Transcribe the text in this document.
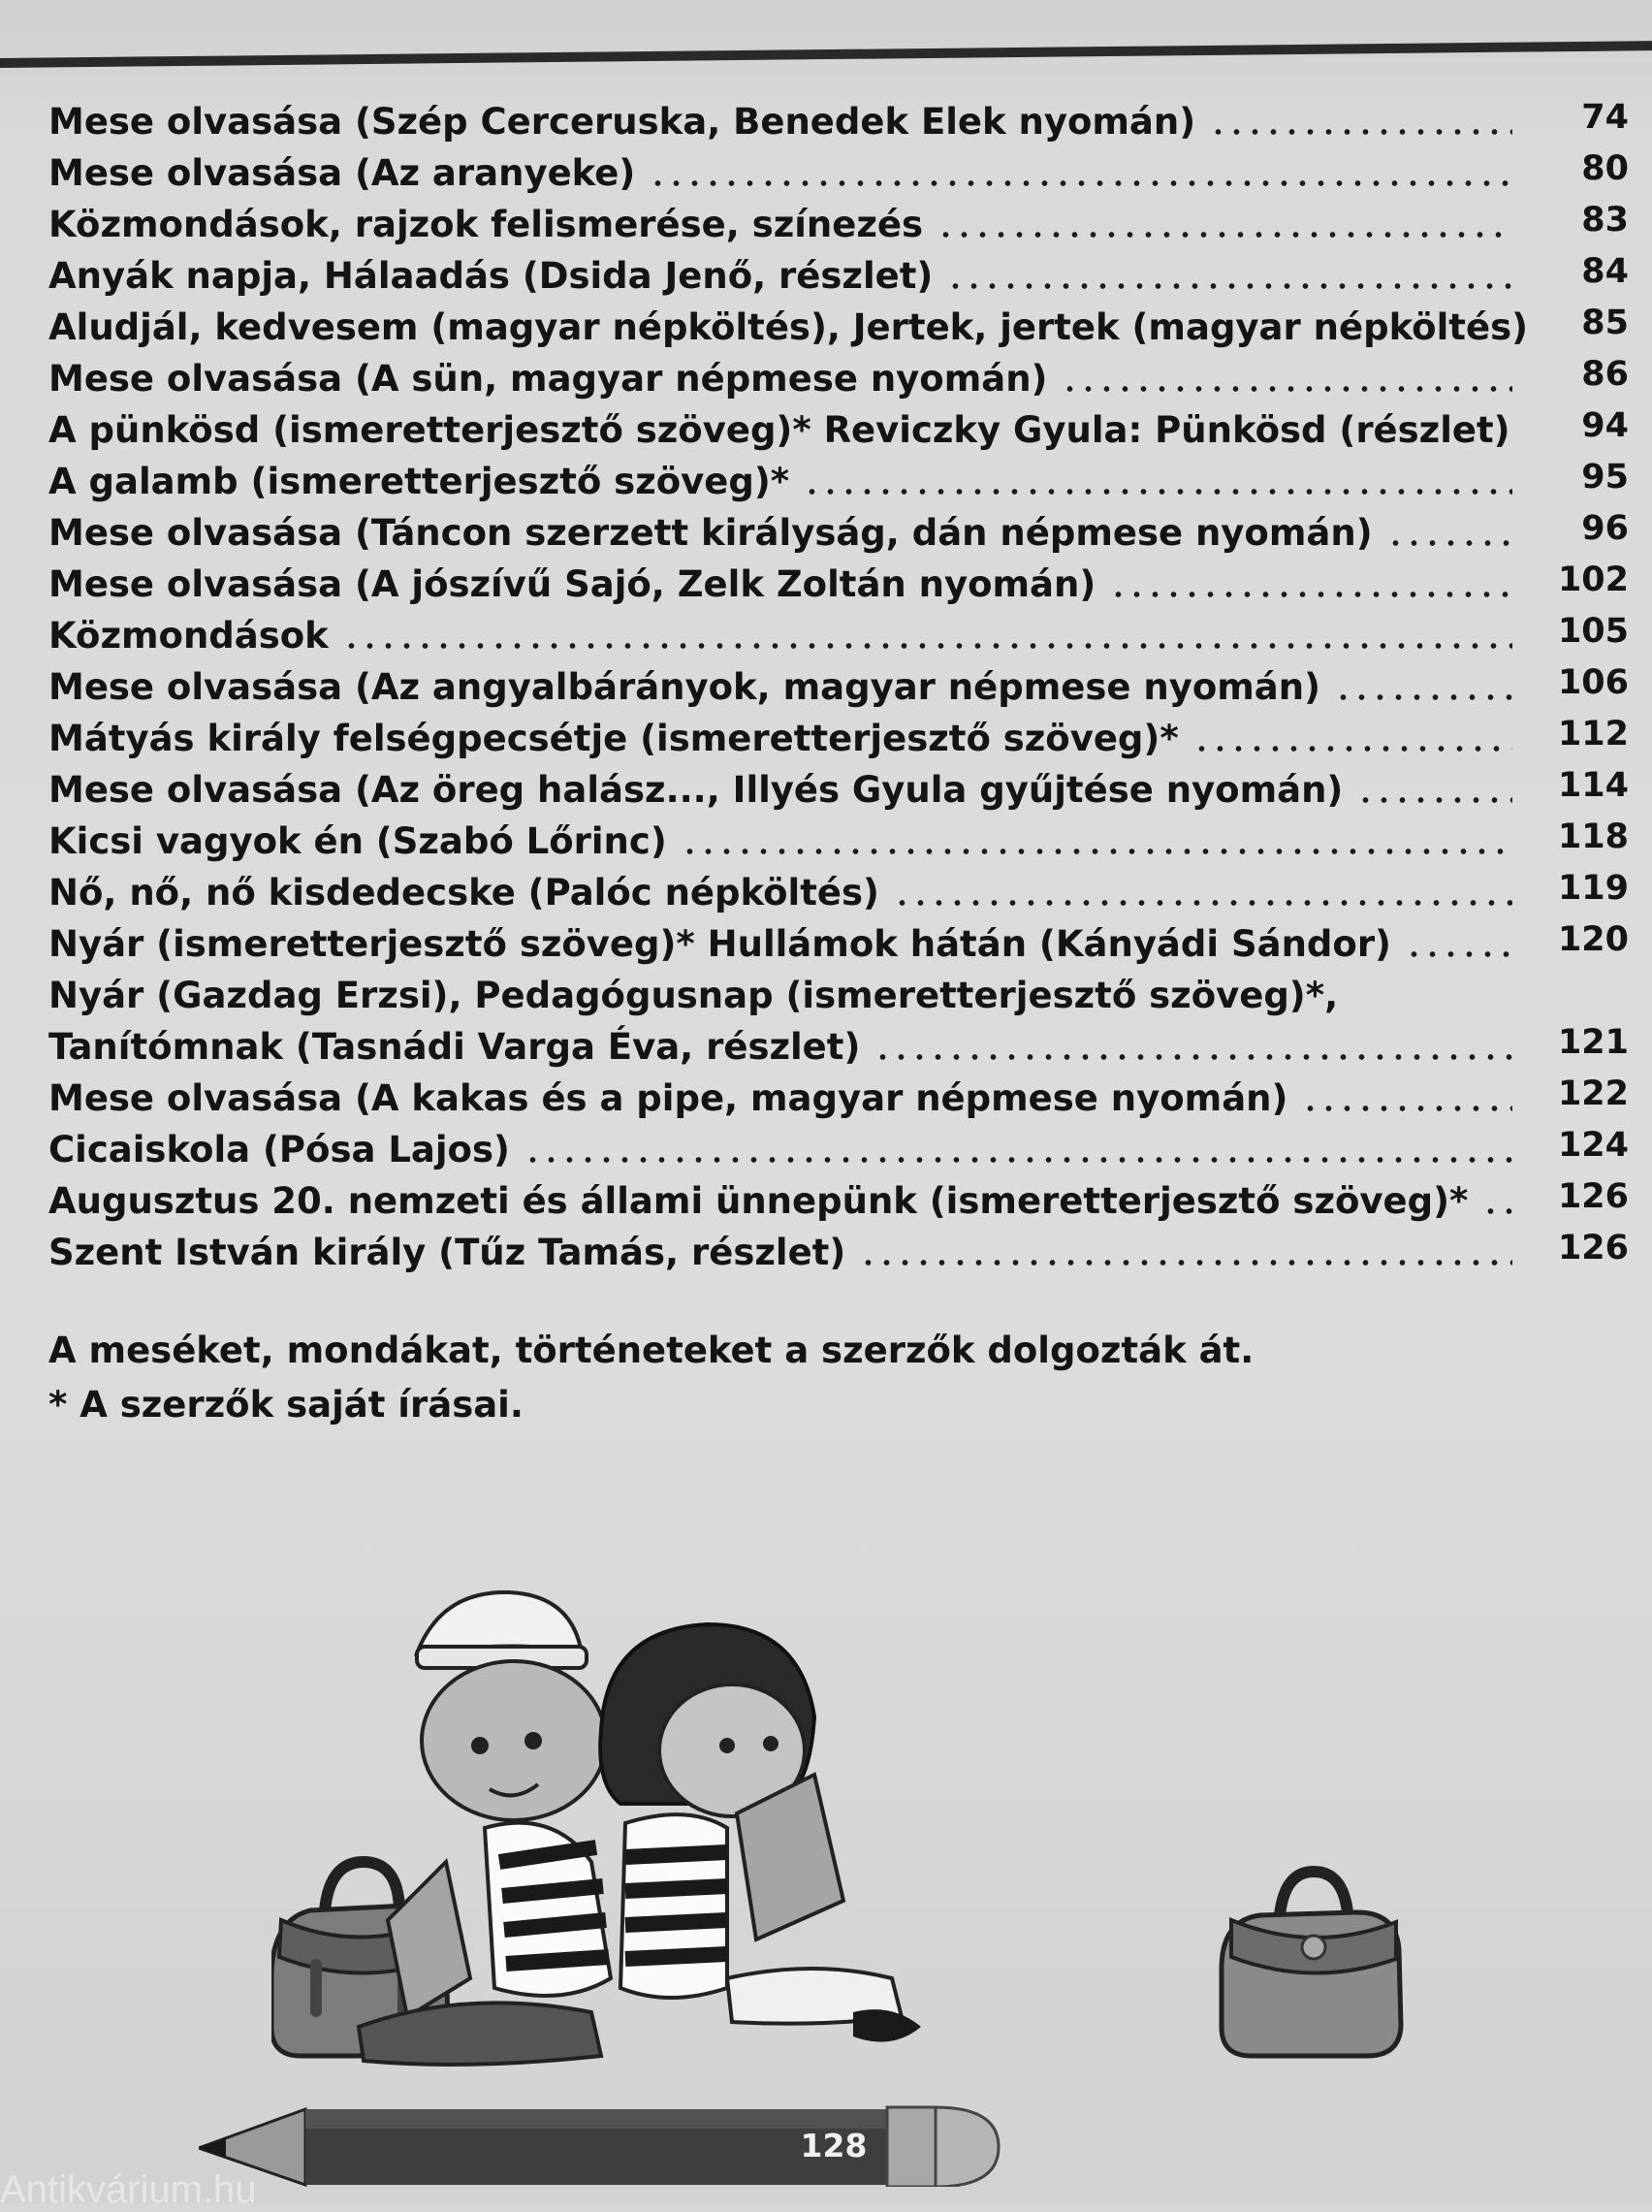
Mese olvasása (Szép Cerceruska, Benedek Elek nyomán)	74
Mese olvasása (Az aranyeke)	80
Közmondások, rajzok felismerése, színezés	83
Anyák napja, Hálaadás (Dsida Jenő, részlet)	84
Aludjál, kedvesem (magyar népköltés), Jertek, jertek (magyar népköltés)	85
Mese olvasása (A sün, magyar népmese nyomán)	86
A pünkösd (ismeretterjesztő szöveg)* Reviczky Gyula: Pünkösd (részlet)	94
A galamb (ismeretterjesztő szöveg)*	95
Mese olvasása (Táncon szerzett királyság, dán népmese nyomán)	96
Mese olvasása (A jószívű Sajó, Zelk Zoltán nyomán)	102
Közmondások	105
Mese olvasása (Az angyalbárányok, magyar népmese nyomán)	106
Mátyás király felségpecsétje (ismeretterjesztő szöveg)*	112
Mese olvasása (Az öreg halász..., Illyés Gyula gyűjtése nyomán)	114
Kicsi vagyok én (Szabó Lőrinc)	118
Nő, nő, nő kisdedecske (Palóc népköltés)	119
Nyár (ismeretterjesztő szöveg)* Hullámok hátán (Kányádi Sándor)	120
Nyár (Gazdag Erzsi), Pedagógusnap (ismeretterjesztő szöveg)*,
Tanítómnak (Tasnádi Varga Éva, részlet)	121
Mese olvasása (A kakas és a pipe, magyar népmese nyomán)	122
Cicaiskola (Pósa Lajos)	124
Augusztus 20. nemzeti és állami ünnepünk (ismeretterjesztő szöveg)*	126
Szent István király (Tűz Tamás, részlet)	126
A meséket, mondákat, történeteket a szerzők dolgozták át.
* A szerzők saját írásai.
128
Antikvárium.hu
